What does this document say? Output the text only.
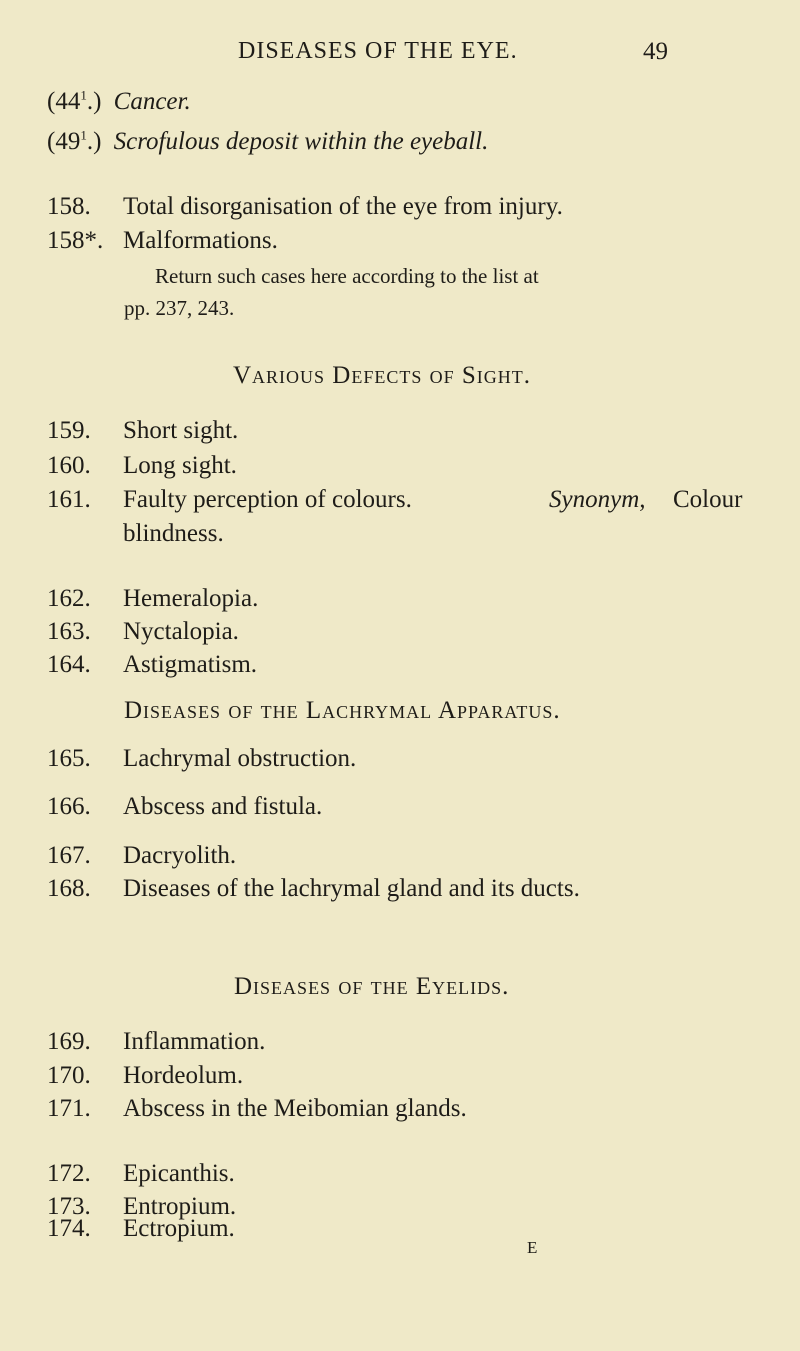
DISEASES OF THE EYE.	49
$(44^1.)$ Cancer.
$(49^1.)$ Scrofulous deposit within the eyeball.
158. Total disorganisation of the eye from injury.
158*. Malformations.
Return such cases here according to the list at
pp. 237, 243.
Various Defects of Sight.
159. Short sight.
160. Long sight.
161. Faulty perception of colours.	Synonym, Colour
blindness.
162. Hemeralopia.
163. Nyctalopia.
164. Astigmatism.
Diseases of the Lachrymal Apparatus.
165. Lachrymal obstruction.
166. Abscess and fistula.
167. Dacryolith.
168. Diseases of the lachrymal gland and its ducts.
Diseases of the Eyelids.
169. Inflammation.
170. Hordeolum.
171. Abscess in the Meibomian glands.
172. Epicanthis.
173. Entropium.
174. Ectropium.
E
